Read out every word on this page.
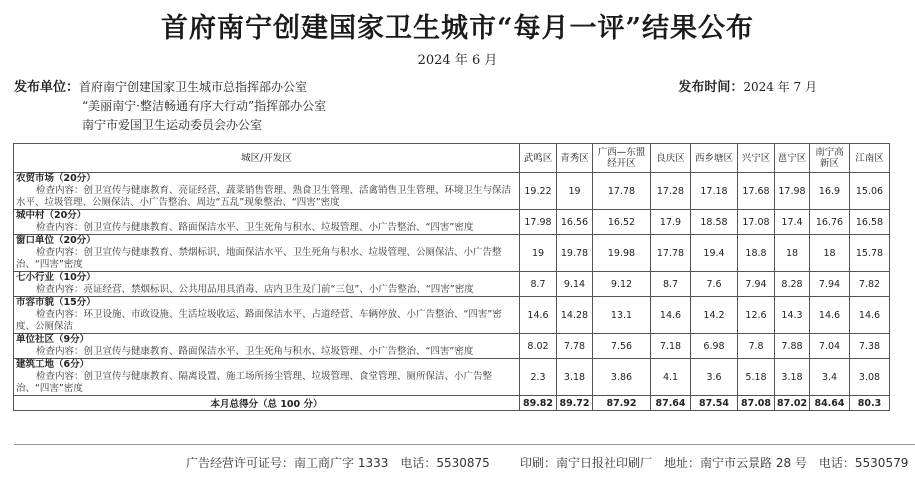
首府南宁创建国家卫生城市“每月一评”结果公布
2024 年 6 月
发布单位：首府南宁创建国家卫生城市总指挥部办公室
“美丽南宁·整洁畅通有序大行动”指挥部办公室
南宁市爱国卫生运动委员会办公室
发布时间：2024 年 7 月
城区/开发区	武鸣区	青秀区	广西—东盟经开区	良庆区	西乡塘区	兴宁区	邕宁区	南宁高新区	江南区

农贸市场（20分）
检查内容：创卫宣传与健康教育、亮证经营、蔬菜销售管理、熟食卫生管理、活禽销售卫生管理、环境卫生与保洁水平、垃圾管理、公厕保洁、小广告整治、周边“五乱”现象整治、“四害”密度	19.22	19	17.78	17.28	17.18	17.68	17.98	16.9	15.06

城中村（20分）
检查内容：创卫宣传与健康教育、路面保洁水平、卫生死角与积水、垃圾管理、小广告整治、“四害”密度	17.98	16.56	16.52	17.9	18.58	17.08	17.4	16.76	16.58

窗口单位（20分）
检查内容：创卫宣传与健康教育、禁烟标识、地面保洁水平、卫生死角与积水、垃圾管理、公厕保洁、小广告整治、“四害”密度	19	19.78	19.98	17.78	19.4	18.8	18	18	15.78

七小行业（10分）
检查内容：亮证经营、禁烟标识、公共用品用具消毒、店内卫生及门前“三包”、小广告整治、“四害”密度	8.7	9.14	9.12	8.7	7.6	7.94	8.28	7.94	7.82

市容市貌（15分）
检查内容：环卫设施、市政设施、生活垃圾收运、路面保洁水平、占道经营、车辆停放、小广告整治、“四害”密度、公厕保洁	14.6	14.28	13.1	14.6	14.2	12.6	14.3	14.6	14.6

单位社区（9分）
检查内容：创卫宣传与健康教育、路面保洁水平、卫生死角与积水、垃圾管理、小广告整治、“四害”密度	8.02	7.78	7.56	7.18	6.98	7.8	7.88	7.04	7.38

建筑工地（6分）
检查内容：创卫宣传与健康教育、隔离设置、施工场所扬尘管理、垃圾管理、食堂管理、厕所保洁、小广告整治、“四害”密度	2.3	3.18	3.86	4.1	3.6	5.18	3.18	3.4	3.08
本月总得分（总 100 分）	89.82	89.72	87.92	87.64	87.54	87.08	87.02	84.64	80.3
广告经营许可证号：南工商广字 1333　电话：5530875	印刷：南宁日报社印刷厂　地址：南宁市云景路 28 号　电话：5530579
